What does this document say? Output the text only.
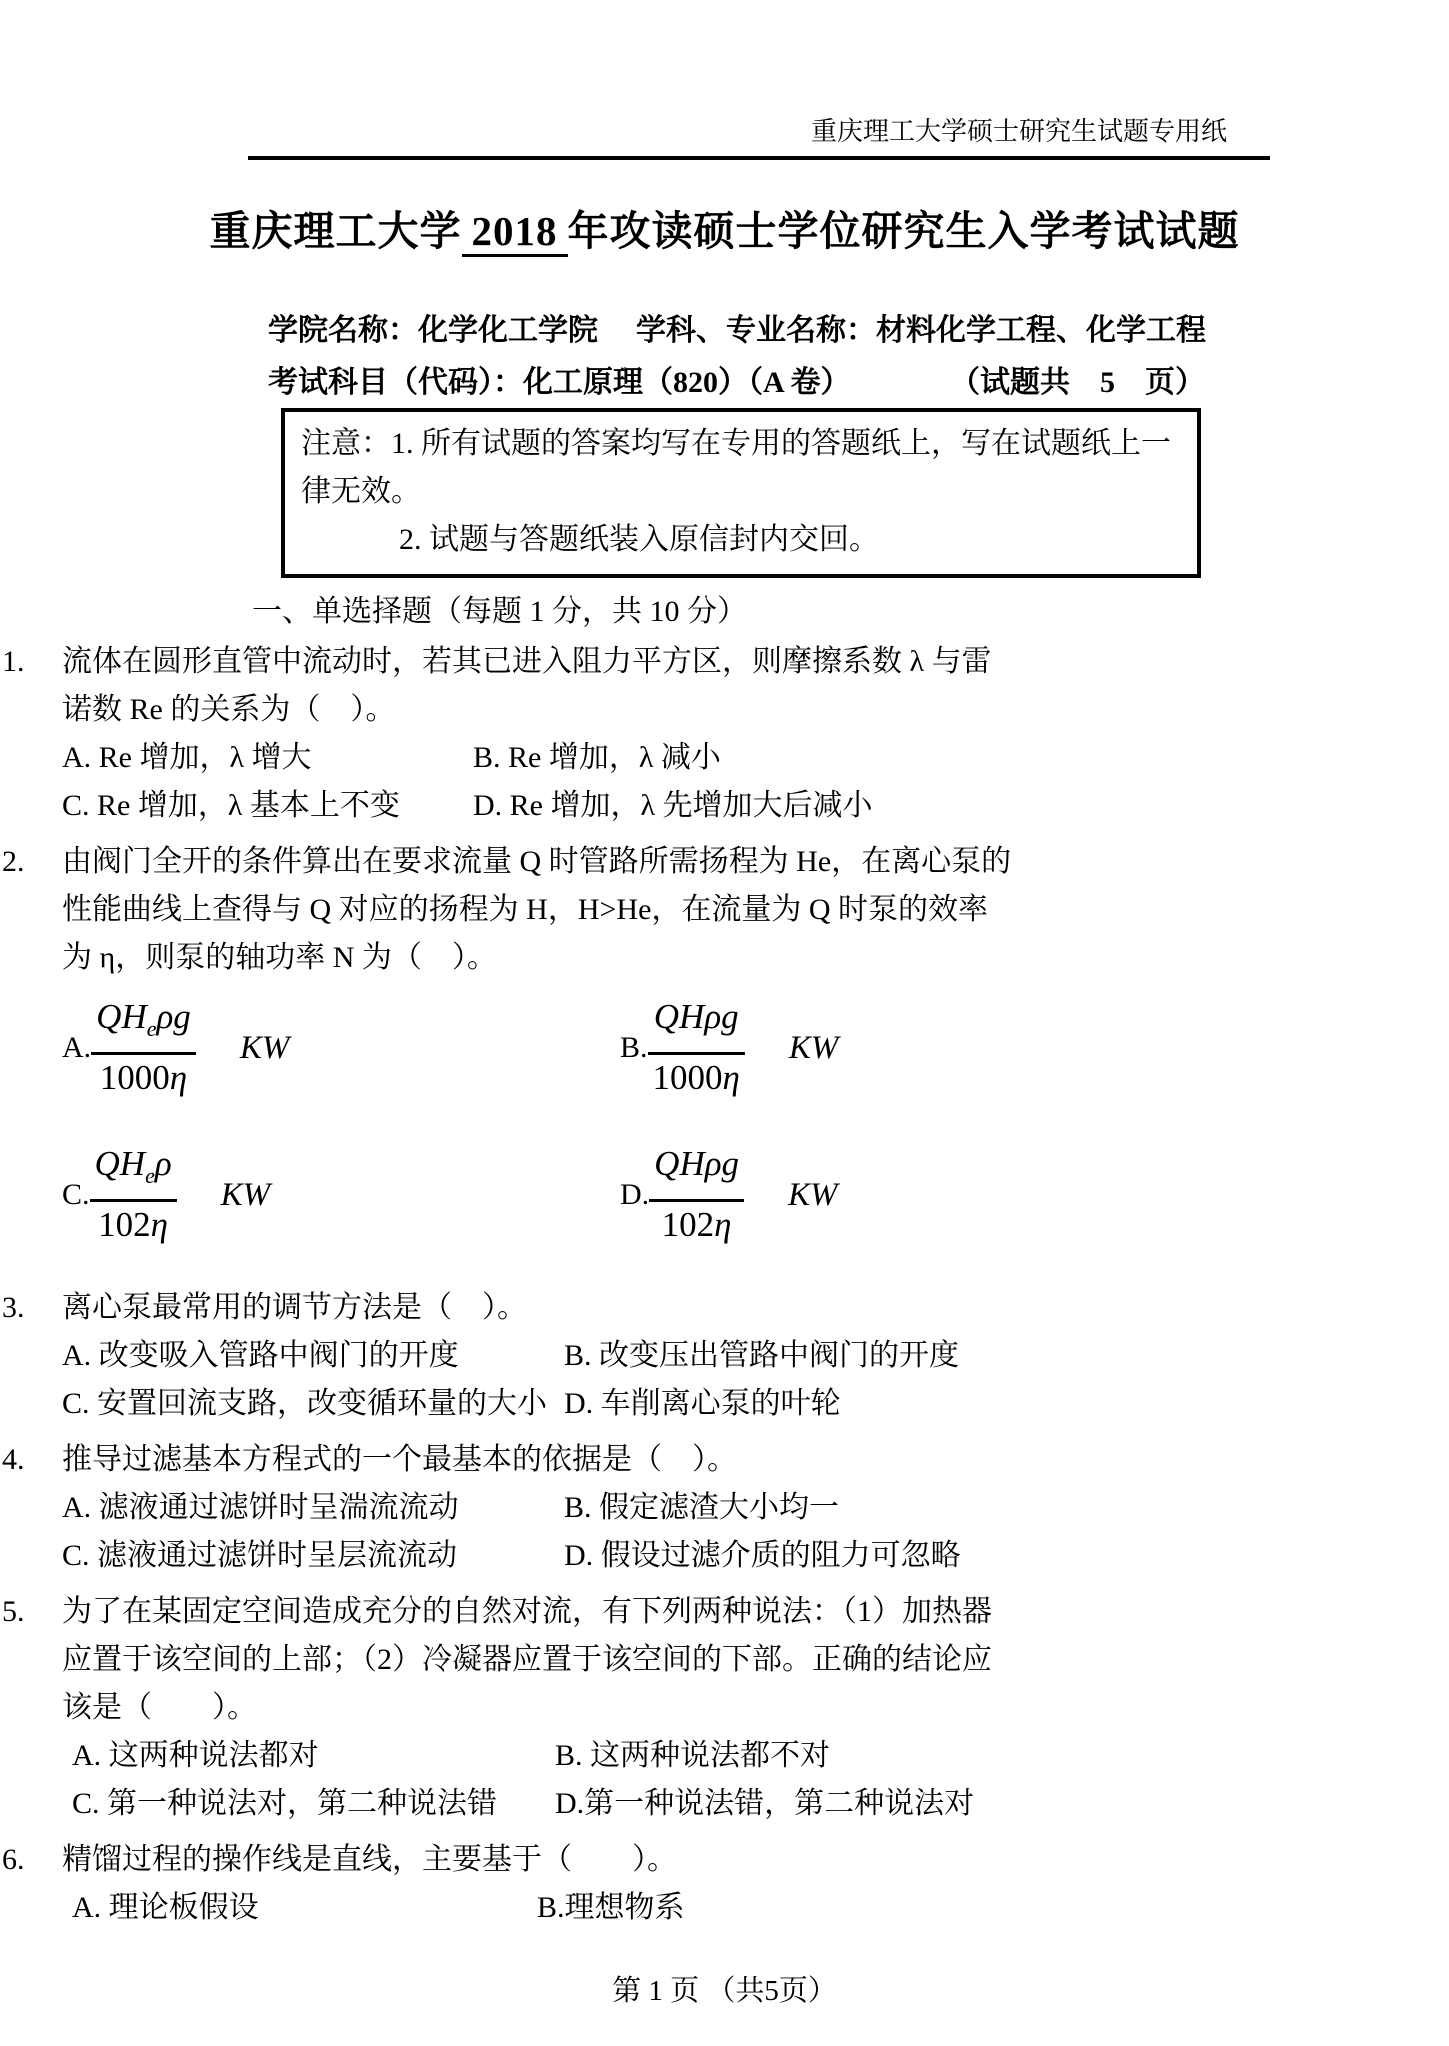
重庆理工大学硕士研究生试题专用纸
重庆理工大学 2018 年攻读硕士学位研究生入学考试试题
学院名称：化学化工学院 学科、专业名称：材料化学工程、化学工程
考试科目（代码）：化工原理（820）（A 卷）	（试题共　5　页）
注意：1. 所有试题的答案均写在专用的答题纸上，写在试题纸上一
律无效。
2. 试题与答题纸装入原信封内交回。
一、单选择题（每题 1 分，共 10 分）
1.	流体在圆形直管中流动时，若其已进入阻力平方区，则摩擦系数 λ 与雷诺数 Re 的关系为（　）。
A. Re 增加，λ 增大	B. Re 增加，λ 减小
C. Re 增加，λ 基本上不变	D. Re 增加，λ 先增加大后减小
2.	由阀门全开的条件算出在要求流量 Q 时管路所需扬程为 He，在离心泵的性能曲线上查得与 Q 对应的扬程为 H，H>He，在流量为 Q 时泵的效率为 η，则泵的轴功率 N 为（　）。
A. $\frac{QH_e\rho g}{1000\eta}$ KW	B. $\frac{\text{QHρg}}{1000\eta}$ KW
C. $\frac{QH_e\rho}{102\eta}$ KW	D. $\frac{\text{QHρg}}{102\eta}$ KW
3.	离心泵最常用的调节方法是（　）。
A. 改变吸入管路中阀门的开度	B. 改变压出管路中阀门的开度
C. 安置回流支路，改变循环量的大小 D. 车削离心泵的叶轮
4.	推导过滤基本方程式的一个最基本的依据是（　）。
A. 滤液通过滤饼时呈湍流流动	B. 假定滤渣大小均一
C. 滤液通过滤饼时呈层流流动	D. 假设过滤介质的阻力可忽略
5.	为了在某固定空间造成充分的自然对流，有下列两种说法：（1）加热器应置于该空间的上部；（2）冷凝器应置于该空间的下部。正确的结论应该是（　　）。
A. 这两种说法都对	B. 这两种说法都不对
C. 第一种说法对，第二种说法错	D.第一种说法错，第二种说法对
6.	精馏过程的操作线是直线，主要基于（　　）。
A. 理论板假设	B.理想物系
第 1 页 （共5页）
